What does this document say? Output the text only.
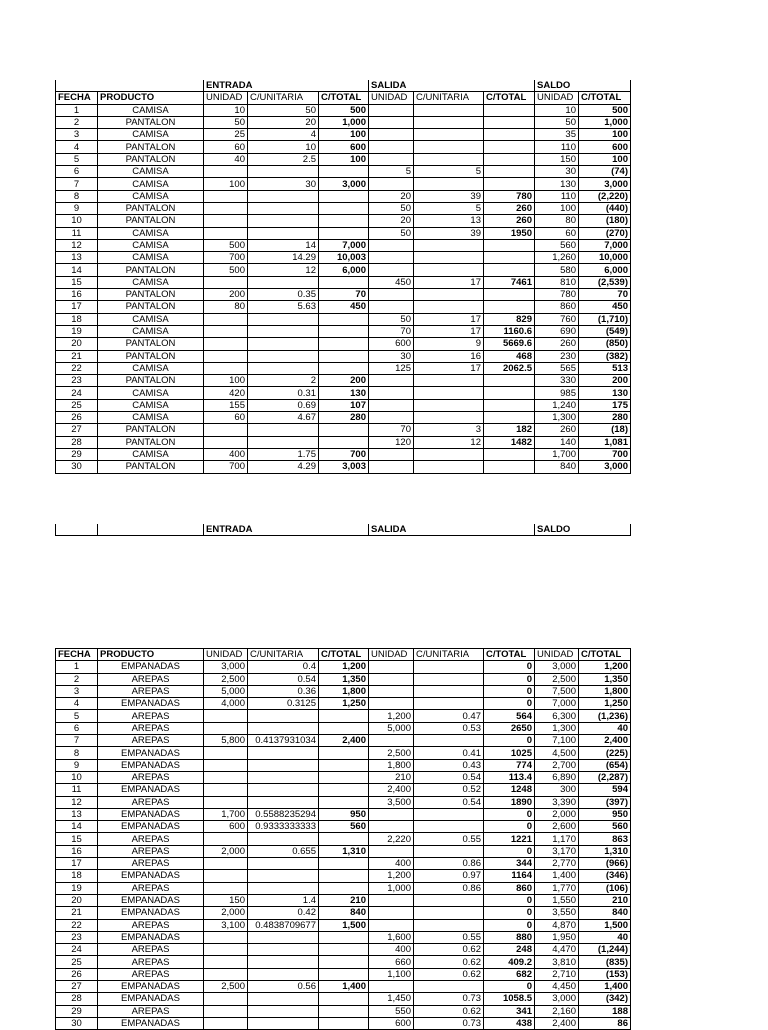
		ENTRADA			SALIDA			SALDO	
FECHA	PRODUCTO	UNIDAD	C/UNITARIA	C/TOTAL	UNIDAD	C/UNITARIA	C/TOTAL	UNIDAD	C/TOTAL
1	CAMISA	10	50	500				10	500
2	PANTALON	50	20	1,000				50	1,000
3	CAMISA	25	4	100				35	100
4	PANTALON	60	10	600				110	600
5	PANTALON	40	2.5	100				150	100
6	CAMISA				5	5		30	(74)
7	CAMISA	100	30	3,000				130	3,000
8	CAMISA				20	39	780	110	(2,220)
9	PANTALON				50	5	260	100	(440)
10	PANTALON				20	13	260	80	(180)
11	CAMISA				50	39	1950	60	(270)
12	CAMISA	500	14	7,000				560	7,000
13	CAMISA	700	14.29	10,003				1,260	10,000
14	PANTALON	500	12	6,000				580	6,000
15	CAMISA				450	17	7461	810	(2,539)
16	PANTALON	200	0.35	70				780	70
17	PANTALON	80	5.63	450				860	450
18	CAMISA				50	17	829	760	(1,710)
19	CAMISA				70	17	1160.6	690	(549)
20	PANTALON				600	9	5669.6	260	(850)
21	PANTALON				30	16	468	230	(382)
22	CAMISA				125	17	2062.5	565	513
23	PANTALON	100	2	200				330	200
24	CAMISA	420	0.31	130				985	130
25	CAMISA	155	0.69	107				1,240	175
26	CAMISA	60	4.67	280				1,300	280
27	PANTALON				70	3	182	260	(18)
28	PANTALON				120	12	1482	140	1,081
29	CAMISA	400	1.75	700				1,700	700
30	PANTALON	700	4.29	3,003				840	3,000
		ENTRADA	SALIDA	SALDO
FECHA	PRODUCTO	UNIDAD	C/UNITARIA	C/TOTAL	UNIDAD	C/UNITARIA	C/TOTAL	UNIDAD	C/TOTAL
1	EMPANADAS	3,000	0.4	1,200			0	3,000	1,200
2	AREPAS	2,500	0.54	1,350			0	2,500	1,350
3	AREPAS	5,000	0.36	1,800			0	7,500	1,800
4	EMPANADAS	4,000	0.3125	1,250			0	7,000	1,250
5	AREPAS				1,200	0.47	564	6,300	(1,236)
6	AREPAS				5,000	0.53	2650	1,300	40
7	AREPAS	5,800	0.4137931034	2,400			0	7,100	2,400
8	EMPANADAS				2,500	0.41	1025	4,500	(225)
9	EMPANADAS				1,800	0.43	774	2,700	(654)
10	AREPAS				210	0.54	113.4	6,890	(2,287)
11	EMPANADAS				2,400	0.52	1248	300	594
12	AREPAS				3,500	0.54	1890	3,390	(397)
13	EMPANADAS	1,700	0.5588235294	950			0	2,000	950
14	EMPANADAS	600	0.9333333333	560			0	2,600	560
15	AREPAS				2,220	0.55	1221	1,170	863
16	AREPAS	2,000	0.655	1,310			0	3,170	1,310
17	AREPAS				400	0.86	344	2,770	(966)
18	EMPANADAS				1,200	0.97	1164	1,400	(346)
19	AREPAS				1,000	0.86	860	1,770	(106)
20	EMPANADAS	150	1.4	210			0	1,550	210
21	EMPANADAS	2,000	0.42	840			0	3,550	840
22	AREPAS	3,100	0.4838709677	1,500			0	4,870	1,500
23	EMPANADAS				1,600	0.55	880	1,950	40
24	AREPAS				400	0.62	248	4,470	(1,244)
25	AREPAS				660	0.62	409.2	3,810	(835)
26	AREPAS				1,100	0.62	682	2,710	(153)
27	EMPANADAS	2,500	0.56	1,400			0	4,450	1,400
28	EMPANADAS				1,450	0.73	1058.5	3,000	(342)
29	AREPAS				550	0.62	341	2,160	188
30	EMPANADAS				600	0.73	438	2,400	86
